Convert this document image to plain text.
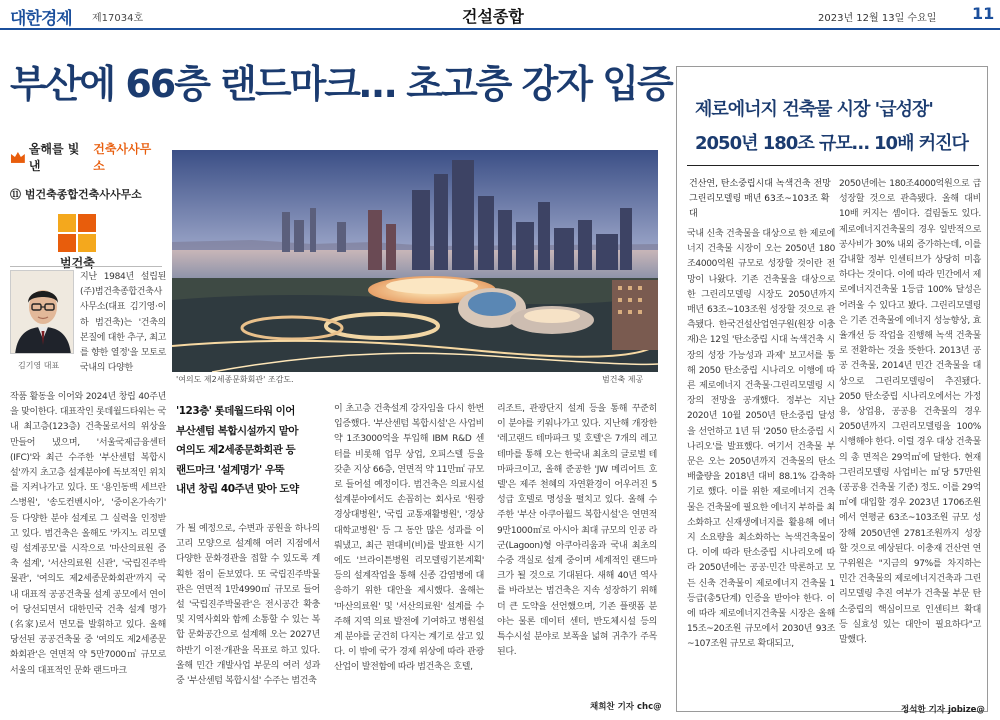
대한경제 제17034호	건설종합	2023년 12월 13일 수요일 11
부산에 66층 랜드마크… 초고층 강자 입증
올해를 빛낸
건축사사무소
⑪ 범건축종합건축사사무소
범건축
김기영 대표
지난 1984년 설립된 (주)범건축종합건축사사무소(대표 김기영·이하 범건축)는 '건축의 본질에 대한 추구, 최고를 향한 열정'을 모토로 국내의 다양한
작품 활동을 이어와 2024년 창립 40주년을 맞이한다. 대표작인 롯데월드타워는 국내 최고층(123층) 건축물로서의 위상을 만들어 냈으며, '서울국제금융센터(IFC)'와 최근 수주한 '부산센텀 복합시설'까지 초고층 설계분야에 독보적인 위치를 지켜나가고 있다. 또 '용인동백 세브란스병원', '송도컨벤시아', '중이온가속기' 등 다양한 분야 설계로 그 실력을 인정받고 있다. 범건축은 올해도 '카지노 리모델링 설계공모'를 시작으로 '마산의료원 증축 설계', '서산의료원 신관', '국립진주박물관', '여의도 제2세종문화회관'까지 국내 대표적 공공건축물 설계 공모에서 연이어 당선되면서 대한민국 건축 설계 명가(名家)로서 면모를 발휘하고 있다. 올해 당선된 공공건축물 중 '여의도 제2세종문화회관'은 연면적 약 5만7000㎡ 규모로 서울의 대표적인 문화 랜드마크
'여의도 제2세종문화회관' 조감도.	범건축 제공
'123층' 롯데월드타워 이어
부산센텀 복합시설까지 맡아
여의도 제2세종문화회관 등
랜드마크 '설계명가' 우뚝
내년 창립 40주년 맞아 도약
가 될 예정으로, 수변과 공원을 하나의 고리 모양으로 설계해 여러 지점에서 다양한 문화경관을 접할 수 있도록 계획한 점이 돋보였다. 또 국립진주박물관은 연면적 1만4990㎡ 규모로 들어설 '국립진주박물관'은 전시공간 확충 및 지역사회와 함께 소통할 수 있는 복합 문화공간으로 설계해 오는 2027년 하반기 이전·개관을 목표로 하고 있다. 올해 민간 개발사업 부문의 여러 성과 중 '부산센텀 복합시설' 수주는 범건축
이 초고층 건축설계 강자임을 다시 한번 입증했다. '부산센텀 복합시설'은 사업비 약 1조3000억을 투입해 IBM R&D 센터를 비롯해 업무 상업, 오피스텔 등을 갖춘 지상 66층, 연면적 약 11만㎡ 규모로 들어설 예정이다. 범건축은 의료시설 설계분야에서도 손꼽히는 회사로 '원광경상대병원', '국립 교통재활병원', '경상대학교병원' 등 그 동안 많은 성과를 이뤄냈고, 최근 편대비(비)를 발표한 시기에도 '브라이튼병원 리모델링기본계획' 등의 설계작업을 통해 신종 감염병에 대응하기 위한 대안을 제시했다. 올해는 '마산의료원' 및 '서산의료원' 설계를 수주해 지역 의료 발전에 기여하고 병원설계 분야를 굳건히 다지는 계기로 삼고 있다. 이 밖에 국가 경제 위상에 따라 관광산업이 발전함에 따라 범건축은 호텔,
리조트, 관광단지 설계 등을 통해 꾸준히 이 분야를 키워나가고 있다. 지난해 개장한 '레고랜드 테마파크 및 호텔'은 7개의 레고 테마를 통해 오는 한국내 최초의 글로벌 테마파크이고, 올해 준공한 'JW 메리어트 호텔'은 제주 천혜의 자연환경이 어우러진 5성급 호텔로 명성을 펼치고 있다. 올해 수주한 '부산 아쿠아월드 복합시설'은 연면적 9만1000㎡로 아시아 최대 규모의 인공 라군(Lagoon)형 아쿠아리움과 국내 최초의 수중 객실로 설계 중이며 세계적인 랜드마크가 될 것으로 기대된다. 새해 40년 역사를 바라보는 범건축은 지속 성장하기 위해 더 큰 도약을 선언했으며, 기존 플랫폼 분야는 물론 데이터 센터, 반도체시설 등의 특수시설 분야로 보폭을 넓혀 귀추가 주목된다.
채희찬 기자 chc@
제로에너지 건축물 시장 '급성장' 2050년 180조 규모… 10배 커진다
건산연, 탄소중립시대 녹색건축 전망 그린리모델링 매년 63조~103조 확대
국내 신축 건축물을 대상으로 한 제로에너지 건축물 시장이 오는 2050년 180조4000억원 규모로 성장할 것이란 전망이 나왔다. 기존 건축물을 대상으로 한 그린리모델링 시장도 2050년까지 매년 63조~103조원 성장할 것으로 관측됐다. 한국건설산업연구원(원장 이충재)은 12일 '탄소중립 시대 녹색건축 시장의 성장 가능성과 과제' 보고서를 통해 2050 탄소중립 시나리오 이행에 따른 제로에너지 건축물·그린리모델링 시장의 전망을 공개했다. 정부는 지난 2020년 10월 2050년 탄소중립 달성을 선언하고 1년 뒤 '2050 탄소중립 시나리오'를 발표했다. 여기서 건축물 부문은 오는 2050년까지 건축물의 탄소배출량을 2018년 대비 88.1% 감축하기로 했다. 이를 위한 제로에너지 건축물은 건축물에 필요한 에너지 부하를 최소화하고 신재생에너지를 활용해 에너지 소요량을 최소화하는 녹색건축물이다. 이에 따라 탄소중립 시나리오에 따라 2050년에는 공공·민간 막론하고 모든 신축 건축물이 제로에너지 건축물 1등급(총5단계) 인증을 받아야 한다. 이에 따라 제로에너지건축물 시장은 올해 15조~20조원 규모에서 2030년 93조~107조원 규모로 확대되고,
2050년에는 180조4000억원으로 급성장할 것으로 관측됐다. 올해 대비 10배 커지는 셈이다. 걸림돌도 있다. 제로에너지건축물의 경우 일반적으로 공사비가 30% 내외 증가하는데, 이를 감내할 정부 인센티브가 상당히 미흡하다는 것이다. 이에 따라 민간에서 제로에너지건축물 1등급 100% 달성은 어려울 수 있다고 봤다. 그린리모델링은 기존 건축물에 에너지 성능향상, 효율개선 등 작업을 진행해 녹색 건축물로 전환하는 것을 뜻한다. 2013년 공공 건축물, 2014년 민간 건축물을 대상으로 그린리모델링이 추진됐다. 2050 탄소중립 시나리오에서는 가정용, 상업용, 공공용 건축물의 경우 2050년까지 그린리모델링을 100% 시행해야 한다. 이럴 경우 대상 건축물의 총 면적은 29억㎡에 달한다. 현재 그린리모델링 사업비는 ㎡당 57만원(공공용 건축물 기준) 정도. 이를 29억㎡에 대입할 경우 2023년 1706조원에서 연평균 63조~103조원 규모 성장해 2050년엔 2781조원까지 성장할 것으로 예상된다. 이충재 건산연 연구위원은 "지금의 97%를 차지하는 민간 건축물의 제로에너지건축과 그린리모델링 추진 여부가 건축물 부문 탄소중립의 핵심이므로 인센티브 확대 등 실효성 있는 대안이 필요하다"고 말했다.
정석한 기자 jobize@
